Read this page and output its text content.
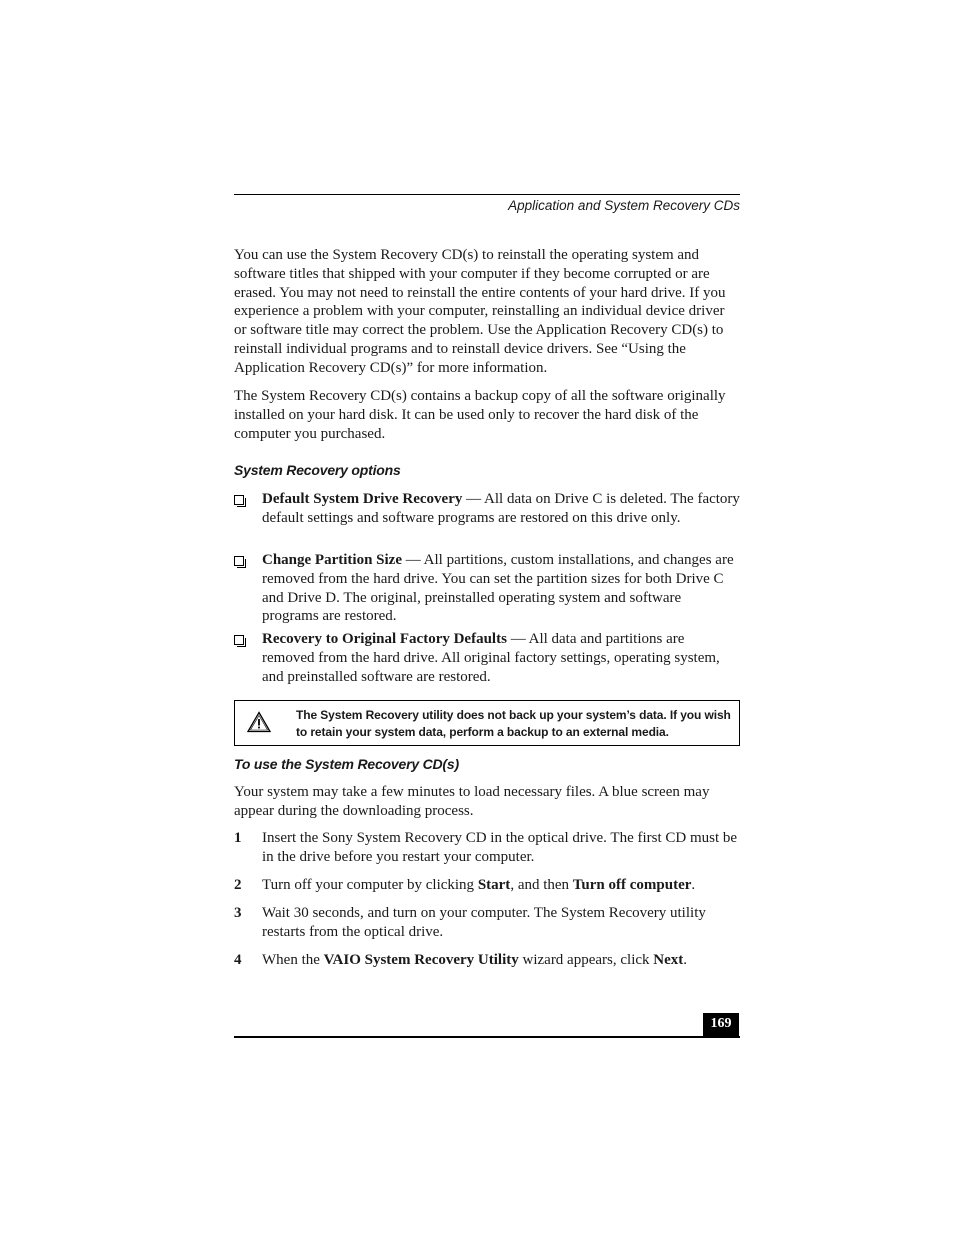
Application and System Recovery CDs

You can use the System Recovery CD(s) to reinstall the operating system and software titles that shipped with your computer if they become corrupted or are erased. You may not need to reinstall the entire contents of your hard drive. If you experience a problem with your computer, reinstalling an individual device driver or software title may correct the problem. Use the Application Recovery CD(s) to reinstall individual programs and to reinstall device drivers. See “Using the Application Recovery CD(s)” for more information.

The System Recovery CD(s) contains a backup copy of all the software originally installed on your hard disk. It can be used only to recover the hard disk of the computer you purchased.

System Recovery options
Default System Drive Recovery — All data on Drive C is deleted. The factory default settings and software programs are restored on this drive only.
Change Partition Size — All partitions, custom installations, and changes are removed from the hard drive. You can set the partition sizes for both Drive C and Drive D. The original, preinstalled operating system and software programs are restored.
Recovery to Original Factory Defaults — All data and partitions are removed from the hard drive. All original factory settings, operating system, and preinstalled software are restored.
The System Recovery utility does not back up your system’s data. If you wish to retain your system data, perform a backup to an external media.
To use the System Recovery CD(s)

Your system may take a few minutes to load necessary files. A blue screen may appear during the downloading process.

1 Insert the Sony System Recovery CD in the optical drive. The first CD must be in the drive before you restart your computer.
2 Turn off your computer by clicking Start, and then Turn off computer.
3 Wait 30 seconds, and turn on your computer. The System Recovery utility restarts from the optical drive.
4 When the VAIO System Recovery Utility wizard appears, click Next.
169
